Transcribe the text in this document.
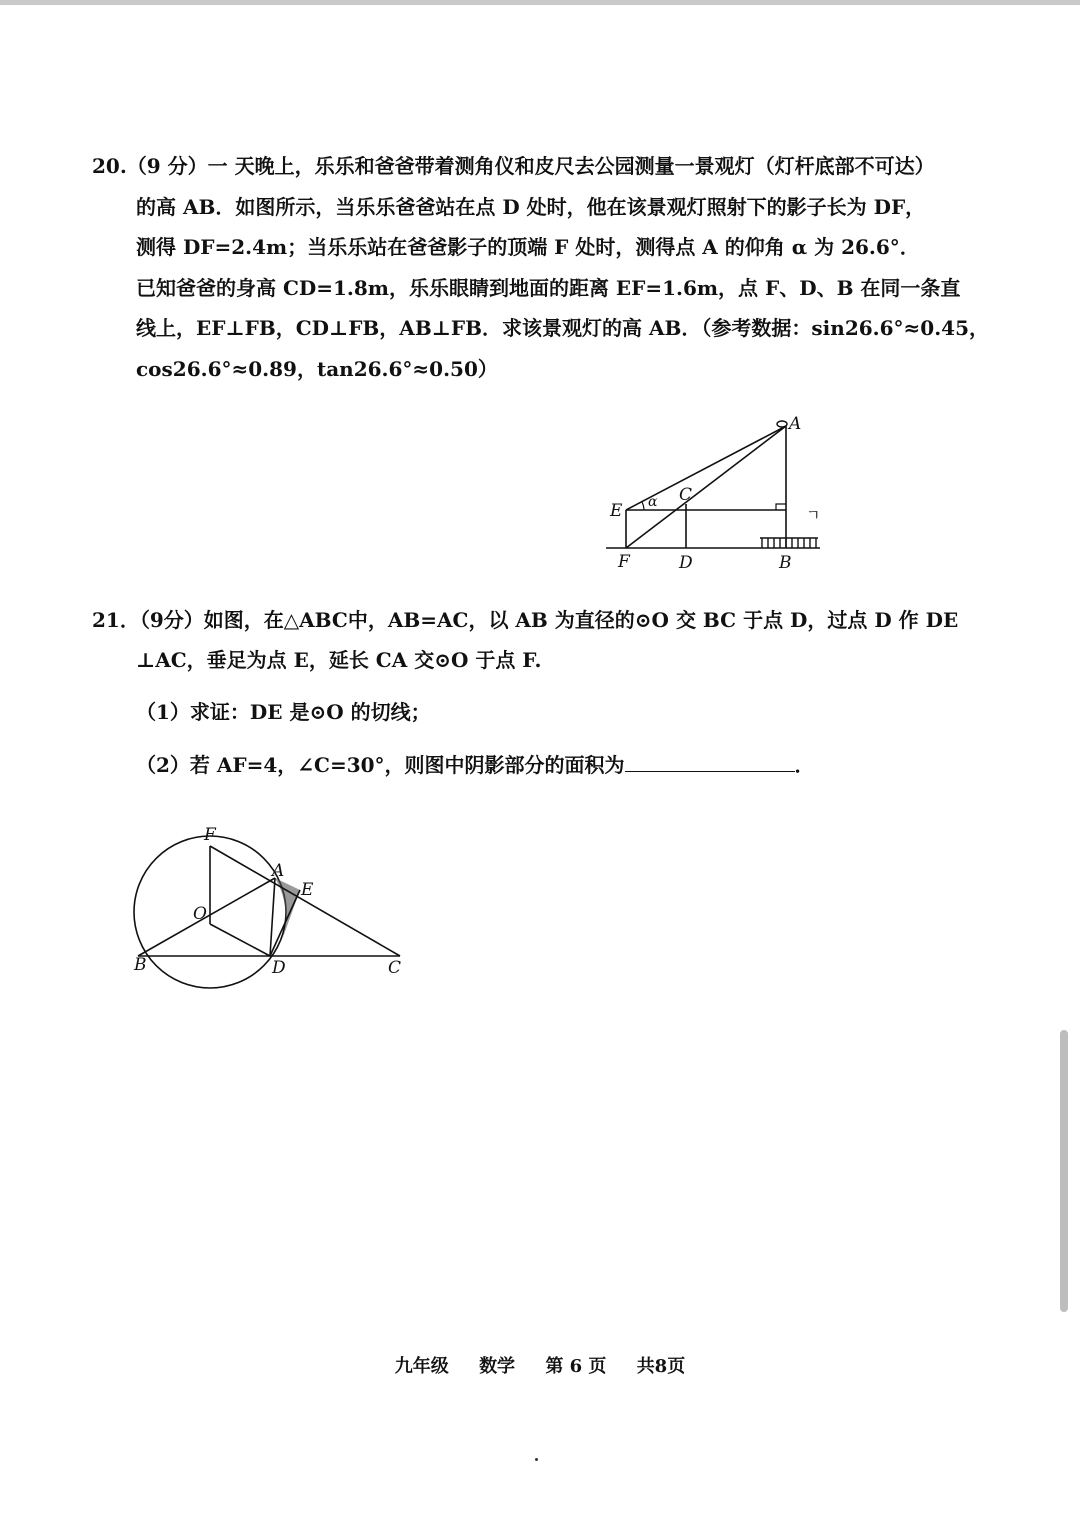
20.（9 分）一 天晚上，乐乐和爸爸带着测角仪和皮尺去公园测量一景观灯（灯杆底部不可达）
的高 AB．如图所示，当乐乐爸爸站在点 D 处时，他在该景观灯照射下的影子长为 DF，
测得 DF=2.4m；当乐乐站在爸爸影子的顶端 F 处时，测得点 A 的仰角 α 为 26.6°．
已知爸爸的身高 CD=1.8m，乐乐眼睛到地面的距离 EF=1.6m，点 F、D、B 在同一条直
线上，EF⊥FB，CD⊥FB，AB⊥FB．求该景观灯的高 AB．（参考数据：sin26.6°≈0.45，
cos26.6°≈0.89，tan26.6°≈0.50）
A
E α C
ㄱ
F	D	B
21．（9分）如图，在△ABC中，AB=AC，以 AB 为直径的⊙O 交 BC 于点 D，过点 D 作 DE
⊥AC，垂足为点 E，延长 CA 交⊙O 于点 F.
（1）求证：DE 是⊙O 的切线；
（2）若 AF=4，∠C=30°，则图中阴影部分的面积为	．
F
A
E
O
B	D	C
九年级 数学 第 6 页 共8页
